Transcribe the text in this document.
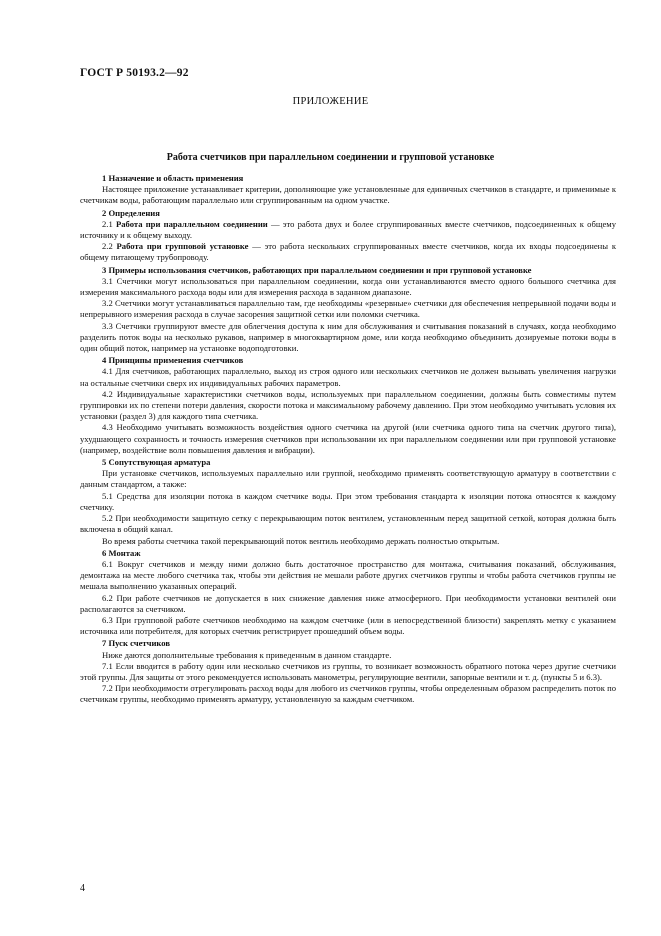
ГОСТ Р 50193.2—92
ПРИЛОЖЕНИЕ
Работа счетчиков при параллельном соединении и групповой установке

1 Назначение и область применения

Настоящее приложение устанавливает критерии, дополняющие уже установленные для единичных счетчиков в стандарте, и применимые к счетчикам воды, работающим параллельно или сгруппированным на одном участке.

2 Определения

2.1 Работа при параллельном соединении — это работа двух и более сгруппированных вместе счетчиков, подсоединенных к общему источнику и к общему выходу.

2.2 Работа при групповой установке — это работа нескольких сгруппированных вместе счетчиков, когда их входы подсоединены к общему питающему трубопроводу.

3 Примеры использования счетчиков, работающих при параллельном соединении и при групповой установке

3.1 Счетчики могут использоваться при параллельном соединении, когда они устанавливаются вместо одного большого счетчика для измерения максимального расхода воды или для измерения расхода в заданном диапазоне.

3.2 Счетчики могут устанавливаться параллельно там, где необходимы «резервные» счетчики для обеспечения непрерывной подачи воды и непрерывного измерения расхода в случае засорения защитной сетки или поломки счетчика.

3.3 Счетчики группируют вместе для облегчения доступа к ним для обслуживания и считывания показаний в случаях, когда необходимо разделить поток воды на несколько рукавов, например в многоквартирном доме, или когда необходимо объединить дозируемые потоки воды в один общий поток, например на установке водоподготовки.

4 Принципы применения счетчиков

4.1 Для счетчиков, работающих параллельно, выход из строя одного или нескольких счетчиков не должен вызывать увеличения нагрузки на остальные счетчики сверх их индивидуальных рабочих параметров.

4.2 Индивидуальные характеристики счетчиков воды, используемых при параллельном соединении, должны быть совместимы путем группировки их по степени потери давления, скорости потока и максимальному рабочему давлению. При этом необходимо учитывать условия их установки (раздел 3) для каждого типа счетчика.

4.3 Необходимо учитывать возможность воздействия одного счетчика на другой (или счетчика одного типа на счетчик другого типа), ухудшающего сохранность и точность измерения счетчиков при использовании их при параллельном соединении или при групповой установке (например, воздействие волн повышения давления и вибрации).

5 Сопутствующая арматура

При установке счетчиков, используемых параллельно или группой, необходимо применять соответствующую арматуру в соответствии с данным стандартом, а также:

5.1 Средства для изоляции потока в каждом счетчике воды. При этом требования стандарта к изоляции потока относятся к каждому счетчику.

5.2 При необходимости защитную сетку с перекрывающим поток вентилем, установленным перед защитной сеткой, которая должна быть включена в общий канал.

Во время работы счетчика такой перекрывающий поток вентиль необходимо держать полностью открытым.

6 Монтаж

6.1 Вокруг счетчиков и между ними должно быть достаточное пространство для монтажа, считывания показаний, обслуживания, демонтажа на месте любого счетчика так, чтобы эти действия не мешали работе других счетчиков группы и чтобы работа счетчиков группы не мешала выполнению указанных операций.

6.2 При работе счетчиков не допускается в них снижение давления ниже атмосферного. При необходимости установки вентилей они располагаются за счетчиком.

6.3 При групповой работе счетчиков необходимо на каждом счетчике (или в непосредственной близости) закреплять метку с указанием источника или потребителя, для которых счетчик регистрирует прошедший объем воды.

7 Пуск счетчиков

Ниже даются дополнительные требования к приведенным в данном стандарте.

7.1 Если вводится в работу один или несколько счетчиков из группы, то возникает возможность обратного потока через другие счетчики этой группы. Для защиты от этого рекомендуется использовать манометры, регулирующие вентили, запорные вентили и т. д. (пункты 5 и 6.3).

7.2 При необходимости отрегулировать расход воды для любого из счетчиков группы, чтобы определенным образом распределить поток по счетчикам группы, необходимо применять арматуру, установленную за каждым счетчиком.

4
